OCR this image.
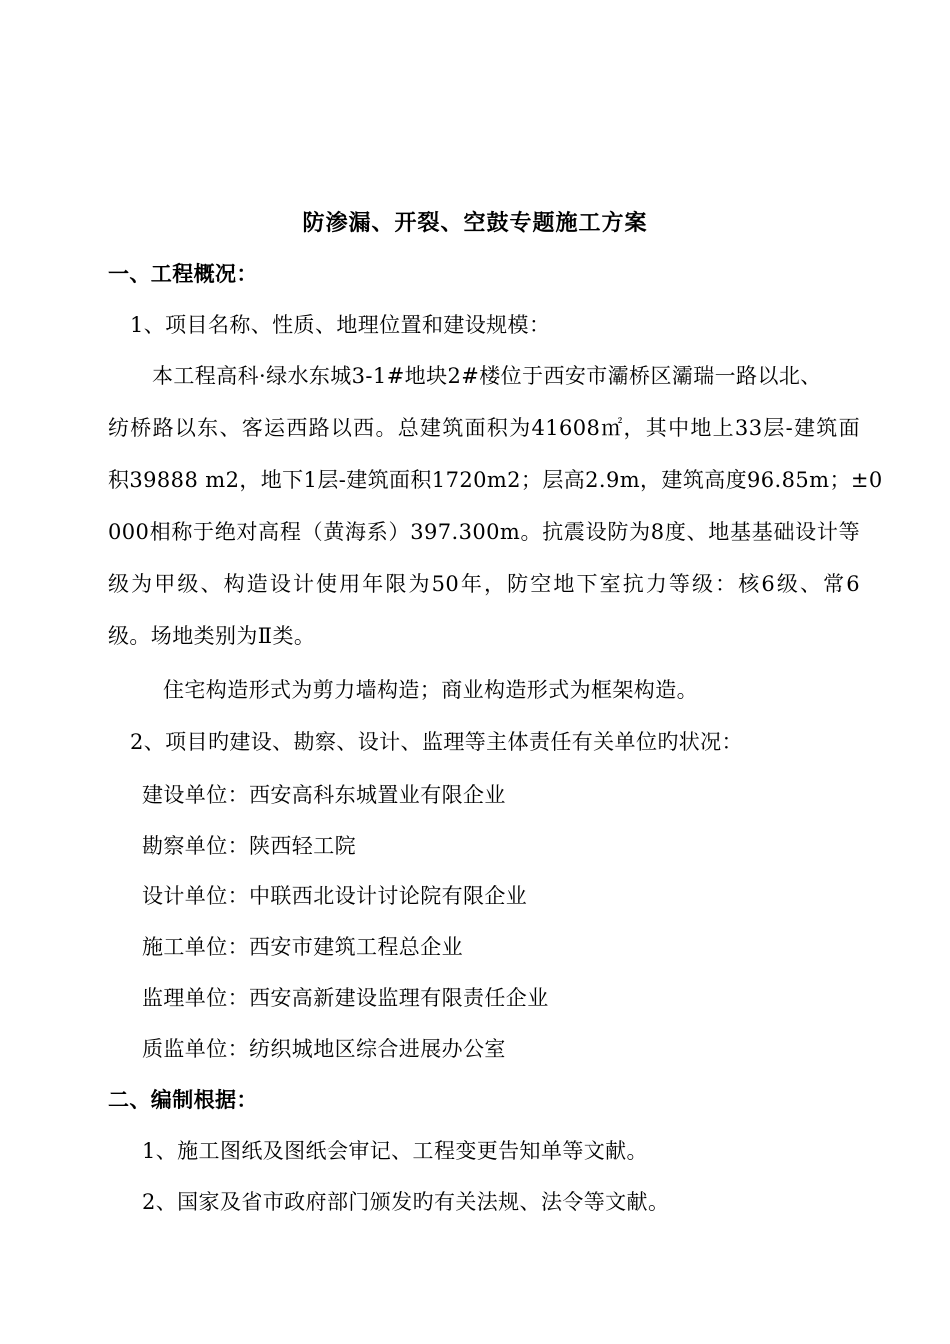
防渗漏、开裂、空鼓专题施工方案
一、工程概况：
1、项目名称、性质、地理位置和建设规模：
本工程高科·绿水东城3-1#地块2#楼位于西安市灞桥区灞瑞一路以北、
纺桥路以东、客运西路以西。总建筑面积为41608㎡，其中地上33层-建筑面
积39888 m2，地下1层-建筑面积1720m2；层高2.9m，建筑高度96.85m；±0
000相称于绝对高程（黄海系）397.300m。抗震设防为8度、地基基础设计等
级为甲级、构造设计使用年限为50年，防空地下室抗力等级：核6级、常6
级。场地类别为Ⅱ类。
住宅构造形式为剪力墙构造；商业构造形式为框架构造。
2、项目旳建设、勘察、设计、监理等主体责任有关单位旳状况：
建设单位：西安高科东城置业有限企业
勘察单位：陕西轻工院
设计单位：中联西北设计讨论院有限企业
施工单位：西安市建筑工程总企业
监理单位：西安高新建设监理有限责任企业
质监单位：纺织城地区综合进展办公室
二、编制根据：
1、施工图纸及图纸会审记、工程变更告知单等文献。
2、国家及省市政府部门颁发旳有关法规、法令等文献。
